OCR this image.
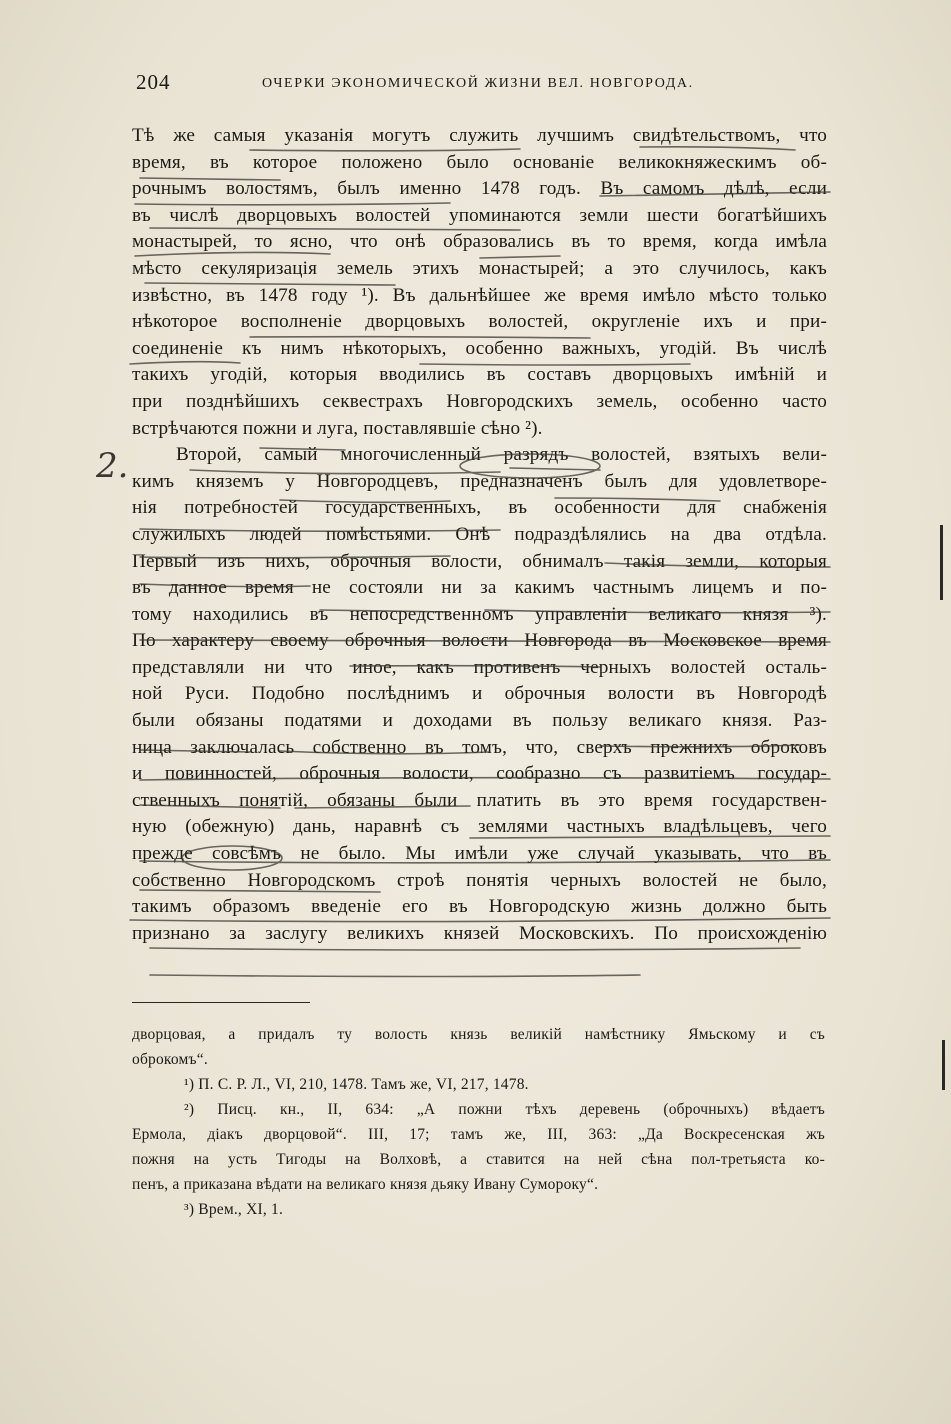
204	ОЧЕРКИ ЭКОНОМИЧЕСКОЙ ЖИЗНИ ВЕЛ. НОВГОРОДА.
2.
Тѣ же самыя указанія могутъ служить лучшимъ свидѣтельствомъ, что
время, въ которое положено было основаніе великокняжескимъ об-
рочнымъ волостямъ, былъ именно 1478 годъ. Въ самомъ дѣлѣ, если
въ числѣ дворцовыхъ волостей упоминаются земли шести богатѣйшихъ
монастырей, то ясно, что онѣ образовались въ то время, когда имѣла
мѣсто секуляризація земель этихъ монастырей; а это случилось, какъ
извѣстно, въ 1478 году ¹). Въ дальнѣйшее же время имѣло мѣсто только
нѣкоторое восполненіе дворцовыхъ волостей, округленіе ихъ и при-
соединеніе къ нимъ нѣкоторыхъ, особенно важныхъ, угодій. Въ числѣ
такихъ угодій, которыя вводились въ составъ дворцовыхъ имѣній и
при позднѣйшихъ секвестрахъ Новгородскихъ земель, особенно часто
встрѣчаются пожни и луга, поставлявшіе сѣно ²).
Второй, самый многочисленный разрядъ волостей, взятыхъ вели-
кимъ княземъ у Новгородцевъ, предназначенъ былъ для удовлетворе-
нія потребностей государственныхъ, въ особенности для снабженія
служилыхъ людей помѣстьями. Онѣ подраздѣлялись на два отдѣла.
Первый изъ нихъ, оброчныя волости, обнималъ такія земли, которыя
въ данное время не состояли ни за какимъ частнымъ лицемъ и по-
тому находились въ непосредственномъ управленіи великаго князя ³).
По характеру своему оброчныя волости Новгорода въ Московское время
представляли ни что иное, какъ противенъ черныхъ волостей осталь-
ной Руси. Подобно послѣднимъ и оброчныя волости въ Новгородѣ
были обязаны податями и доходами въ пользу великаго князя. Раз-
ница заключалась собственно въ томъ, что, сверхъ прежнихъ оброковъ
и повинностей, оброчныя волости, сообразно съ развитіемъ государ-
ственныхъ понятій, обязаны были платить въ это время государствен-
ную (обежную) дань, наравнѣ съ землями частныхъ владѣльцевъ, чего
прежде совсѣмъ не было. Мы имѣли уже случай указывать, что въ
собственно Новгородскомъ строѣ понятія черныхъ волостей не было,
такимъ образомъ введеніе его въ Новгородскую жизнь должно быть
признано за заслугу великихъ князей Московскихъ. По происхожденію
дворцовая, а придалъ ту волость князь великій намѣстнику Ямьскому и съ
оброкомъ“.
¹) П. С. Р. Л., VI, 210, 1478. Тамъ же, VI, 217, 1478.
²) Писц. кн., II, 634: „А пожни тѣхъ деревень (оброчныхъ) вѣдаетъ
Ермола, діакъ дворцовой“. III, 17; тамъ же, III, 363: „Да Воскресенская жъ
пожня на усть Тигоды на Волховѣ, а ставится на ней сѣна пол-третьяста ко-
пенъ, а приказана вѣдати на великаго князя дьяку Ивану Сумороку“.
³) Врем., XI, 1.
